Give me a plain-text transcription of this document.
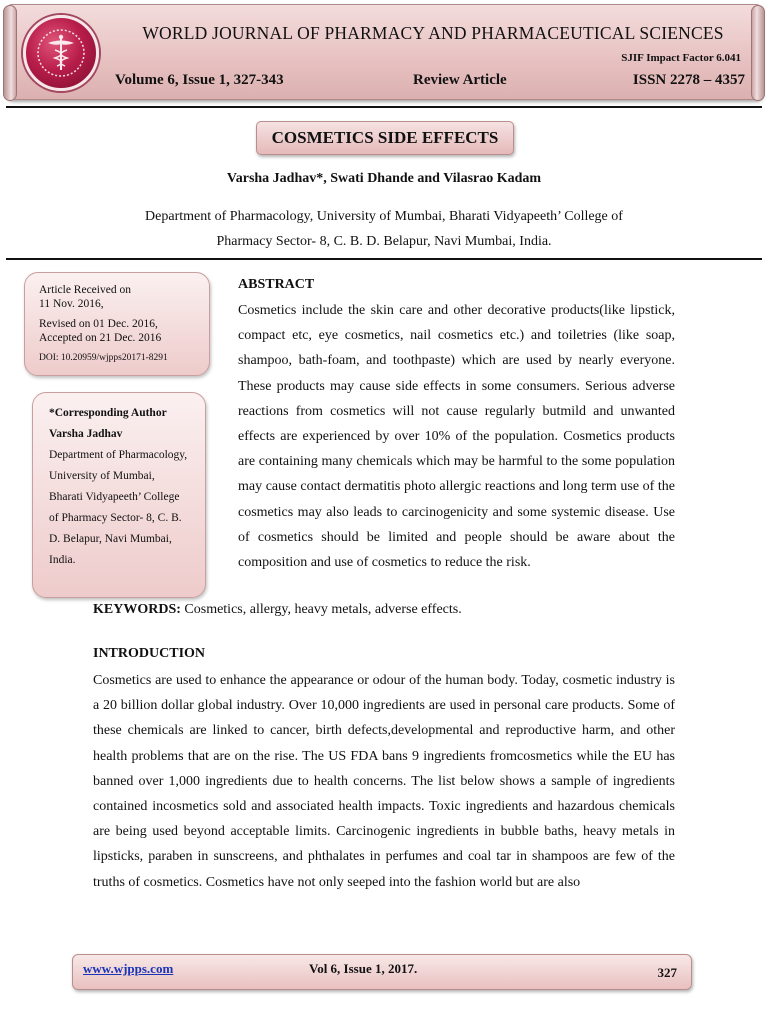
WORLD JOURNAL OF PHARMACY AND PHARMACEUTICAL SCIENCES
SJIF Impact Factor 6.041
Volume 6, Issue 1, 327-343	Review Article	ISSN 2278 – 4357
COSMETICS SIDE EFFECTS
Varsha Jadhav*, Swati Dhande and Vilasrao Kadam
Department of Pharmacology, University of Mumbai, Bharati Vidyapeeth’ College of
Pharmacy Sector- 8, C. B. D. Belapur, Navi Mumbai, India.
Article Received on
11 Nov. 2016,
Revised on 01 Dec. 2016,
Accepted on 21 Dec. 2016
DOI: 10.20959/wjpps20171-8291
*Corresponding Author
Varsha Jadhav
Department of Pharmacology, University of Mumbai, Bharati Vidyapeeth’ College of Pharmacy Sector- 8, C. B. D. Belapur, Navi Mumbai, India.
ABSTRACT
Cosmetics include the skin care and other decorative products(like lipstick, compact etc, eye cosmetics, nail cosmetics etc.) and toiletries (like soap, shampoo, bath-foam, and toothpaste) which are used by nearly everyone. These products may cause side effects in some consumers. Serious adverse reactions from cosmetics will not cause regularly butmild and unwanted effects are experienced by over 10% of the population. Cosmetics products are containing many chemicals which may be harmful to the some population may cause contact dermatitis photo allergic reactions and long term use of the cosmetics may also leads to carcinogenicity and some systemic disease. Use of cosmetics should be limited and people should be aware about the composition and use of cosmetics to reduce the risk.
KEYWORDS: Cosmetics, allergy, heavy metals, adverse effects.
INTRODUCTION
Cosmetics are used to enhance the appearance or odour of the human body. Today, cosmetic industry is a 20 billion dollar global industry. Over 10,000 ingredients are used in personal care products. Some of these chemicals are linked to cancer, birth defects,developmental and reproductive harm, and other health problems that are on the rise. The US FDA bans 9 ingredients fromcosmetics while the EU has banned over 1,000 ingredients due to health concerns. The list below shows a sample of ingredients contained incosmetics sold and associated health impacts. Toxic ingredients and hazardous chemicals are being used beyond acceptable limits. Carcinogenic ingredients in bubble baths, heavy metals in lipsticks, paraben in sunscreens, and phthalates in perfumes and coal tar in shampoos are few of the truths of cosmetics. Cosmetics have not only seeped into the fashion world but are also
www.wjpps.com	Vol 6, Issue 1, 2017.	327
